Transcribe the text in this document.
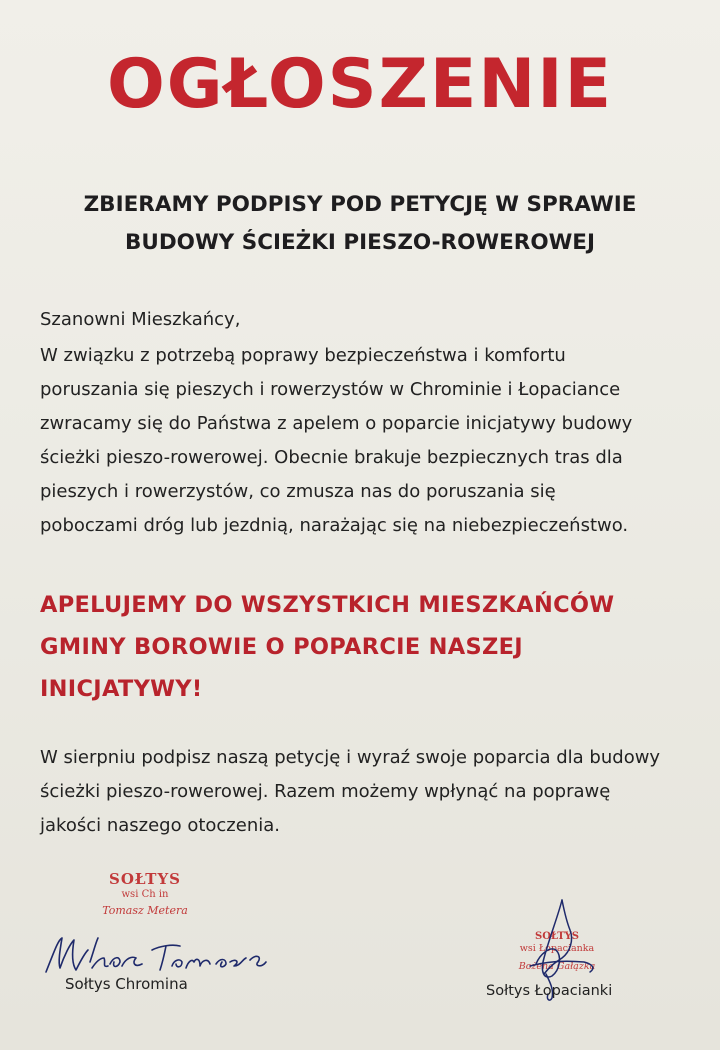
OGŁOSZENIE
ZBIERAMY PODPISY POD PETYCJĘ W SPRAWIE
BUDOWY ŚCIEŻKI PIESZO-ROWEROWEJ
Szanowni Mieszkańcy,
W związku z potrzebą poprawy bezpieczeństwa i komfortu
poruszania się pieszych i rowerzystów w Chrominie i Łopaciance
zwracamy się do Państwa z apelem o poparcie inicjatywy budowy
ścieżki pieszo-rowerowej. Obecnie brakuje bezpiecznych tras dla
pieszych i rowerzystów, co zmusza nas do poruszania się
poboczami dróg lub jezdnią, narażając się na niebezpieczeństwo.
APELUJEMY DO WSZYSTKICH MIESZKAŃCÓW
GMINY BOROWIE O POPARCIE NASZEJ
INICJATYWY!
W sierpniu podpisz naszą petycję i wyraź swoje poparcia dla budowy
ścieżki pieszo-rowerowej. Razem możemy wpłynąć na poprawę
jakości naszego otoczenia.
SOŁTYS
wsi Ch in
Tomasz Metera
Sołtys Chromina
SOŁTYS
wsi Łopacianka
Bożena Gałązka
Sołtys Łopacianki
